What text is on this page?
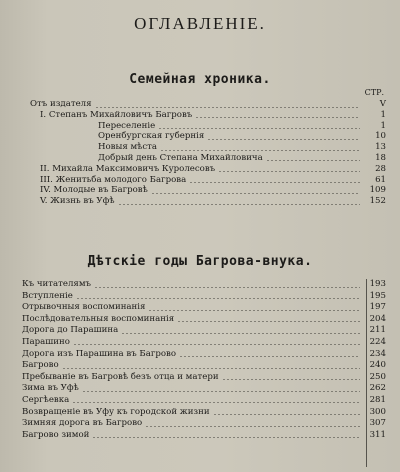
ОГЛАВЛЕНІЕ.
Семейная хроника.
СТР.
Отъ издателя	V
I. Степанъ Михайловичъ Багровъ	1
Переселеніе	1
Оренбургская губернія	10
Новыя мѣста	13
Добрый день Степана Михайловича	18
II. Михайла Максимовичъ Куролесовъ	28
III. Женитьба молодого Багрова	61
IV. Молодые въ Багровѣ	109
V. Жизнь въ Уфѣ	152
Дѣтскіе годы Багрова-внука.
Къ читателямъ	193
Вступленіе	195
Отрывочныя воспоминанія	197
Послѣдовательныя воспоминанія	204
Дорога до Парашина	211
Парашино	224
Дорога изъ Парашина въ Багрово	234
Багрово	240
Пребываніе въ Багровѣ безъ отца и матери	250
Зима въ Уфѣ	262
Сергѣевка	281
Возвращеніе въ Уфу къ городской жизни	300
Зимняя дорога въ Багрово	307
Багрово зимой	311
